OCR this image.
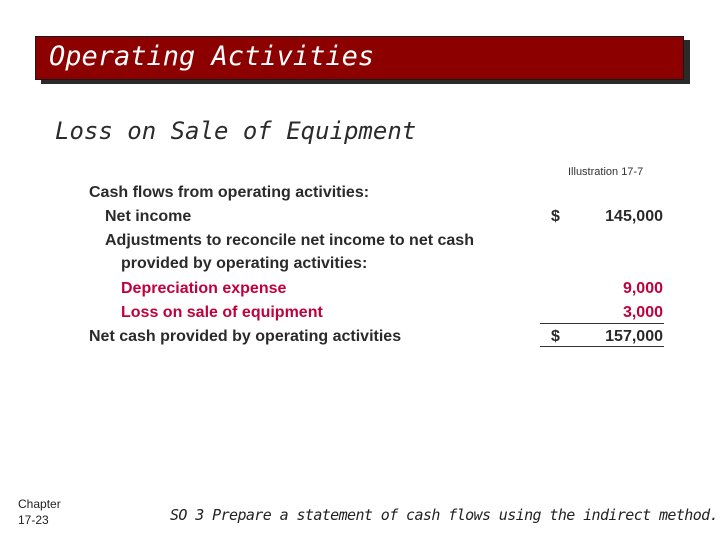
Operating Activities
Loss on Sale of Equipment
Illustration 17-7
Cash flows from operating activities:
Net income	$	145,000
Adjustments to reconcile net income to net cash
provided by operating activities:
Depreciation expense	9,000
Loss on sale of equipment	3,000
Net cash provided by operating activities	$	157,000
Chapter
17-23	SO 3 Prepare a statement of cash flows using the indirect method.
